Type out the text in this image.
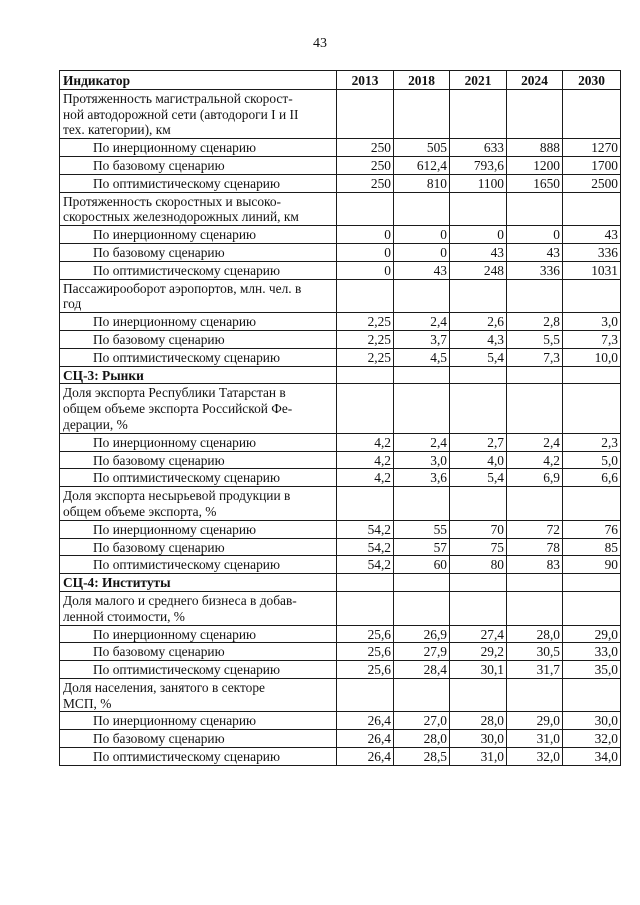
43
Индикатор	2013	2018	2021	2024	2030
Протяженность магистральной скорост-
ной автодорожной сети (автодороги I и II
тех. категории), км					
По инерционному сценарию	250	505	633	888	1270
По базовому сценарию	250	612,4	793,6	1200	1700
По оптимистическому сценарию	250	810	1100	1650	2500
Протяженность скоростных и высоко-
скоростных железнодорожных линий, км					
По инерционному сценарию	0	0	0	0	43
По базовому сценарию	0	0	43	43	336
По оптимистическому сценарию	0	43	248	336	1031
Пассажирооборот аэропортов, млн. чел. в
год					
По инерционному сценарию	2,25	2,4	2,6	2,8	3,0
По базовому сценарию	2,25	3,7	4,3	5,5	7,3
По оптимистическому сценарию	2,25	4,5	5,4	7,3	10,0
СЦ-3: Рынки					
Доля экспорта Республики Татарстан в
общем объеме экспорта Российской Фе-
дерации, %					
По инерционному сценарию	4,2	2,4	2,7	2,4	2,3
По базовому сценарию	4,2	3,0	4,0	4,2	5,0
По оптимистическому сценарию	4,2	3,6	5,4	6,9	6,6
Доля экспорта несырьевой продукции в
общем объеме экспорта, %					
По инерционному сценарию	54,2	55	70	72	76
По базовому сценарию	54,2	57	75	78	85
По оптимистическому сценарию	54,2	60	80	83	90
СЦ-4: Институты					
Доля малого и среднего бизнеса в добав-
ленной стоимости, %					
По инерционному сценарию	25,6	26,9	27,4	28,0	29,0
По базовому сценарию	25,6	27,9	29,2	30,5	33,0
По оптимистическому сценарию	25,6	28,4	30,1	31,7	35,0
Доля населения, занятого в секторе
МСП, %					
По инерционному сценарию	26,4	27,0	28,0	29,0	30,0
По базовому сценарию	26,4	28,0	30,0	31,0	32,0
По оптимистическому сценарию	26,4	28,5	31,0	32,0	34,0
